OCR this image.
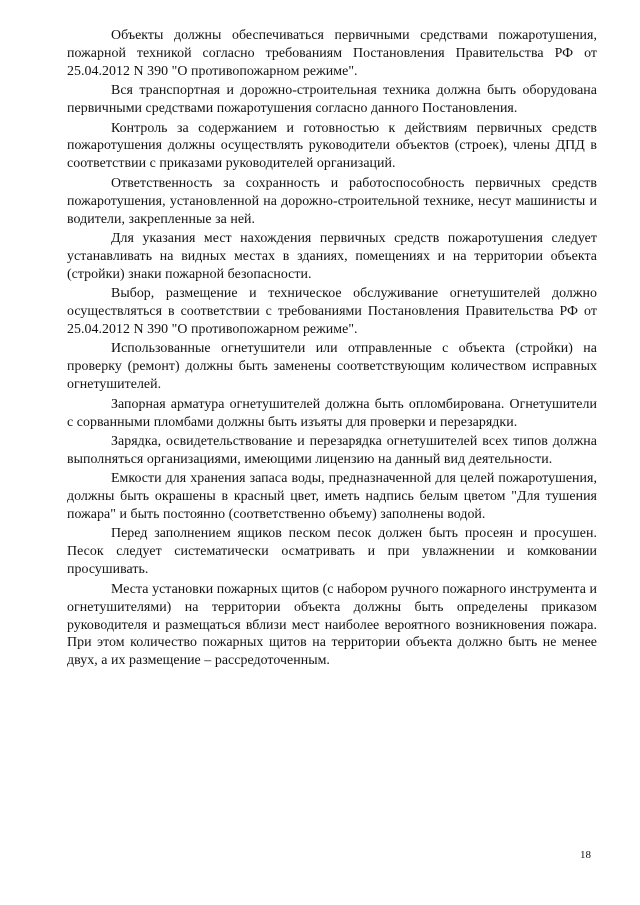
Объекты должны обеспечиваться первичными средствами пожаротушения, пожарной техникой согласно требованиям Постановления Правительства РФ от 25.04.2012 N 390 "О противопожарном режиме".

Вся транспортная и дорожно-строительная техника должна быть оборудована первичными средствами пожаротушения согласно данного Постановления.

Контроль за содержанием и готовностью к действиям первичных средств пожаротушения должны осуществлять руководители объектов (строек), члены ДПД в соответствии с приказами руководителей организаций.

Ответственность за сохранность и работоспособность первичных средств пожаротушения, установленной на дорожно-строительной технике, несут машинисты и водители, закрепленные за ней.

Для указания мест нахождения первичных средств пожаротушения следует устанавливать на видных местах в зданиях, помещениях и на территории объекта (стройки) знаки пожарной безопасности.

Выбор, размещение и техническое обслуживание огнетушителей должно осуществляться в соответствии с требованиями Постановления Правительства РФ от 25.04.2012 N 390 "О противопожарном режиме".

Использованные огнетушители или отправленные с объекта (стройки) на проверку (ремонт) должны быть заменены соответствующим количеством исправных огнетушителей.

Запорная арматура огнетушителей должна быть опломбирована. Огнетушители с сорванными пломбами должны быть изъяты для проверки и перезарядки.

Зарядка, освидетельствование и перезарядка огнетушителей всех типов должна выполняться организациями, имеющими лицензию на данный вид деятельности.

Емкости для хранения запаса воды, предназначенной для целей пожаротушения, должны быть окрашены в красный цвет, иметь надпись белым цветом "Для тушения пожара" и быть постоянно (соответственно объему) заполнены водой.

Перед заполнением ящиков песком песок должен быть просеян и просушен. Песок следует систематически осматривать и при увлажнении и комковании просушивать.

Места установки пожарных щитов (с набором ручного пожарного инструмента и огнетушителями) на территории объекта должны быть определены приказом руководителя и размещаться вблизи мест наиболее вероятного возникновения пожара. При этом количество пожарных щитов на территории объекта должно быть не менее двух, а их размещение – рассредоточенным.

18
